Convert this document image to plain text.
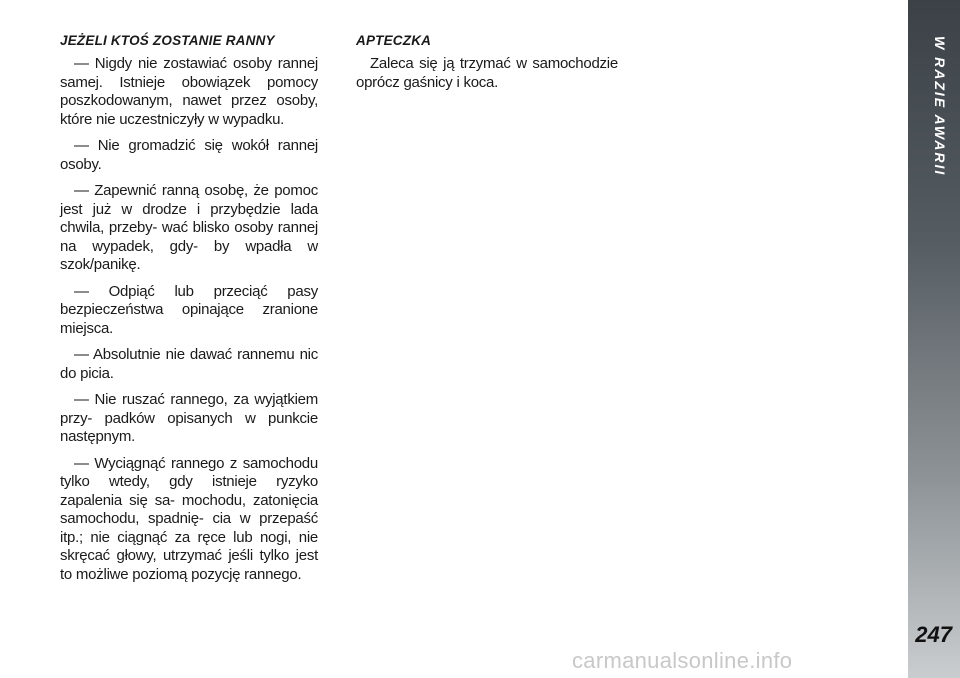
JEŻELI KTOŚ ZOSTANIE RANNY

— Nigdy nie zostawiać osoby rannej samej. Istnieje obowiązek pomocy poszkodowanym, nawet przez osoby, które nie uczestniczyły w wypadku.

— Nie gromadzić się wokół rannej osoby.

— Zapewnić ranną osobę, że pomoc jest już w drodze i przybędzie lada chwila, przeby- wać blisko osoby rannej na wypadek, gdy- by wpadła w szok/panikę.

— Odpiąć lub przeciąć pasy bezpieczeństwa opinające zranione miejsca.

— Absolutnie nie dawać rannemu nic do picia.

— Nie ruszać rannego, za wyjątkiem przy- padków opisanych w punkcie następnym.

— Wyciągnąć rannego z samochodu tylko wtedy, gdy istnieje ryzyko zapalenia się sa- mochodu, zatonięcia samochodu, spadnię- cia w przepaść itp.; nie ciągnąć za ręce lub nogi, nie skręcać głowy, utrzymać jeśli tylko jest to możliwe poziomą pozycję rannego.

APTECZKA

Zaleca się ją trzymać w samochodzie oprócz gaśnicy i koca.	W RAZIE AWARII
247
carmanualsonline.info
